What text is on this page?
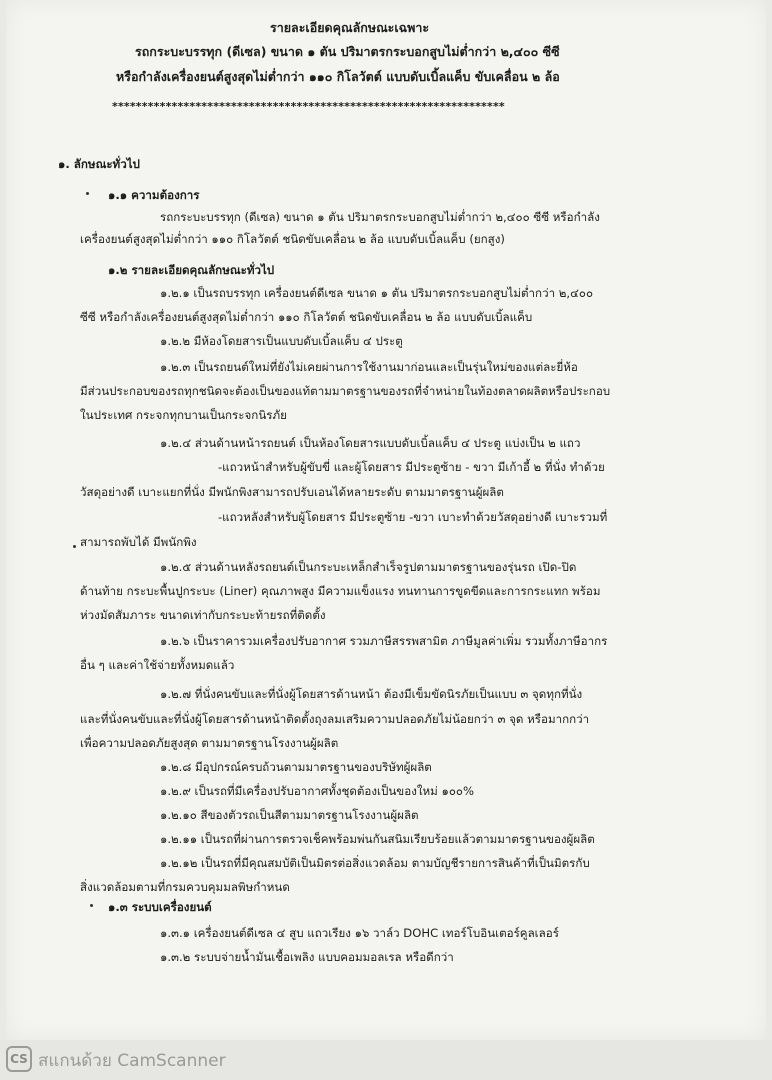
รายละเอียดคุณลักษณะเฉพาะ
รถกระบะบรรทุก (ดีเซล) ขนาด ๑ ตัน ปริมาตรกระบอกสูบไม่ต่ำกว่า ๒,๔๐๐ ซีซี
หรือกำลังเครื่องยนต์สูงสุดไม่ต่ำกว่า ๑๑๐ กิโลวัตต์ แบบดับเบิ้ลแค็บ ขับเคลื่อน ๒ ล้อ
******************************************************************
๑. ลักษณะทั่วไป
๑.๑ ความต้องการ
รถกระบะบรรทุก (ดีเซล) ขนาด ๑ ตัน ปริมาตรกระบอกสูบไม่ต่ำกว่า ๒,๔๐๐ ซีซี หรือกำลัง
เครื่องยนต์สูงสุดไม่ต่ำกว่า ๑๑๐ กิโลวัตต์ ชนิดขับเคลื่อน ๒ ล้อ แบบดับเบิ้ลแค็บ (ยกสูง)
๑.๒ รายละเอียดคุณลักษณะทั่วไป
๑.๒.๑ เป็นรถบรรทุก เครื่องยนต์ดีเซล ขนาด ๑ ตัน ปริมาตรกระบอกสูบไม่ต่ำกว่า ๒,๔๐๐
ซีซี หรือกำลังเครื่องยนต์สูงสุดไม่ต่ำกว่า ๑๑๐ กิโลวัตต์ ชนิดขับเคลื่อน ๒ ล้อ แบบดับเบิ้ลแค็บ
๑.๒.๒ มีห้องโดยสารเป็นแบบดับเบิ้ลแค็บ ๔ ประตู
๑.๒.๓ เป็นรถยนต์ใหม่ที่ยังไม่เคยผ่านการใช้งานมาก่อนและเป็นรุ่นใหม่ของแต่ละยี่ห้อ
มีส่วนประกอบของรถทุกชนิดจะต้องเป็นของแท้ตามมาตรฐานของรถที่จำหน่ายในท้องตลาดผลิตหรือประกอบ
ในประเทศ กระจกทุกบานเป็นกระจกนิรภัย
๑.๒.๔ ส่วนด้านหน้ารถยนต์ เป็นห้องโดยสารแบบดับเบิ้ลแค็บ ๔ ประตู แบ่งเป็น ๒ แถว
-แถวหน้าสำหรับผู้ขับขี่ และผู้โดยสาร มีประตูซ้าย - ขวา มีเก้าอี้ ๒ ที่นั่ง ทำด้วย
วัสดุอย่างดี เบาะแยกที่นั่ง มีพนักพิงสามารถปรับเอนได้หลายระดับ ตามมาตรฐานผู้ผลิต
-แถวหลังสำหรับผู้โดยสาร มีประตูซ้าย -ขวา เบาะทำด้วยวัสดุอย่างดี เบาะรวมที่
สามารถพับได้ มีพนักพิง
๑.๒.๕ ส่วนด้านหลังรถยนต์เป็นกระบะเหล็กสำเร็จรูปตามมาตรฐานของรุ่นรถ เปิด-ปิด
ด้านท้าย กระบะพื้นปูกระบะ (Liner) คุณภาพสูง มีความแข็งแรง ทนทานการขูดขีดและการกระแทก พร้อม
ห่วงมัดสัมภาระ ขนาดเท่ากับกระบะท้ายรถที่ติดตั้ง
๑.๒.๖ เป็นราคารวมเครื่องปรับอากาศ รวมภาษีสรรพสามิต ภาษีมูลค่าเพิ่ม รวมทั้งภาษีอากร
อื่น ๆ และค่าใช้จ่ายทั้งหมดแล้ว
๑.๒.๗ ที่นั่งคนขับและที่นั่งผู้โดยสารด้านหน้า ต้องมีเข็มขัดนิรภัยเป็นแบบ ๓ จุดทุกที่นั่ง
และที่นั่งคนขับและที่นั่งผู้โดยสารด้านหน้าติดตั้งถุงลมเสริมความปลอดภัยไม่น้อยกว่า ๓ จุด หรือมากกว่า
เพื่อความปลอดภัยสูงสุด ตามมาตรฐานโรงงานผู้ผลิต
๑.๒.๘ มีอุปกรณ์ครบถ้วนตามมาตรฐานของบริษัทผู้ผลิต
๑.๒.๙ เป็นรถที่มีเครื่องปรับอากาศทั้งชุดต้องเป็นของใหม่ ๑๐๐%
๑.๒.๑๐ สีของตัวรถเป็นสีตามมาตรฐานโรงงานผู้ผลิต
๑.๒.๑๑ เป็นรถที่ผ่านการตรวจเช็คพร้อมพ่นกันสนิมเรียบร้อยแล้วตามมาตรฐานของผู้ผลิต
๑.๒.๑๒ เป็นรถที่มีคุณสมบัติเป็นมิตรต่อสิ่งแวดล้อม ตามบัญชีรายการสินค้าที่เป็นมิตรกับ
สิ่งแวดล้อมตามที่กรมควบคุมมลพิษกำหนด
๑.๓ ระบบเครื่องยนต์
๑.๓.๑ เครื่องยนต์ดีเซล ๔ สูบ แถวเรียง ๑๖ วาล์ว DOHC เทอร์โบอินเตอร์คูลเลอร์
๑.๓.๒ ระบบจ่ายน้ำมันเชื้อเพลิง แบบคอมมอลเรล หรือดีกว่า
CS สแกนด้วย CamScanner
